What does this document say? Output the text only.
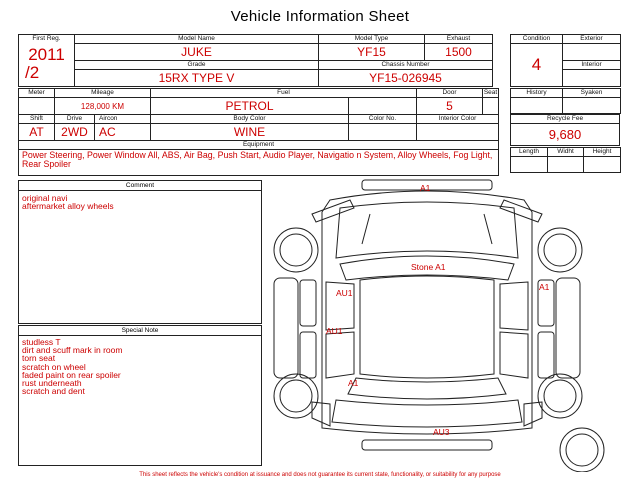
Vehicle Information Sheet
First Reg.
2011
/2	Model Name	Model Type	Exhaust
	JUKE	YF15	1500
	Grade	Chassis Number	
	15RX TYPE V	YF15-026945	
Condition	Exterior
4	
	Interior

Meter	Mileage		Fuel		Door	Seat
	128,000 KM		PETROL		5	
Shift	Drive	Aircon	Body Color	Color No.	Interior Color	
AT	2WD	AC	WINE			
Equipment						

Power Steering, Power Window All, ABS, Air Bag, Push Start, Audio Player, Navigatio n System, Alloy Wheels, Fog Light, Rear Spoiler						
History	Syaken

Recycle Fee
9,680
Length	Widht	Height

Comment
original navi
aftermarket alloy wheels
Special Note
studless T
dirt and scuff mark in room
torn seat
scratch on wheel
faded paint on rear spoiler
rust underneath
scratch and dent
A1
Stone A1
AU1
A1
AU1
A1
AU3
This sheet reflects the vehicle's condition at issuance and does not guarantee its current state, functionality, or suitability for any purpose
